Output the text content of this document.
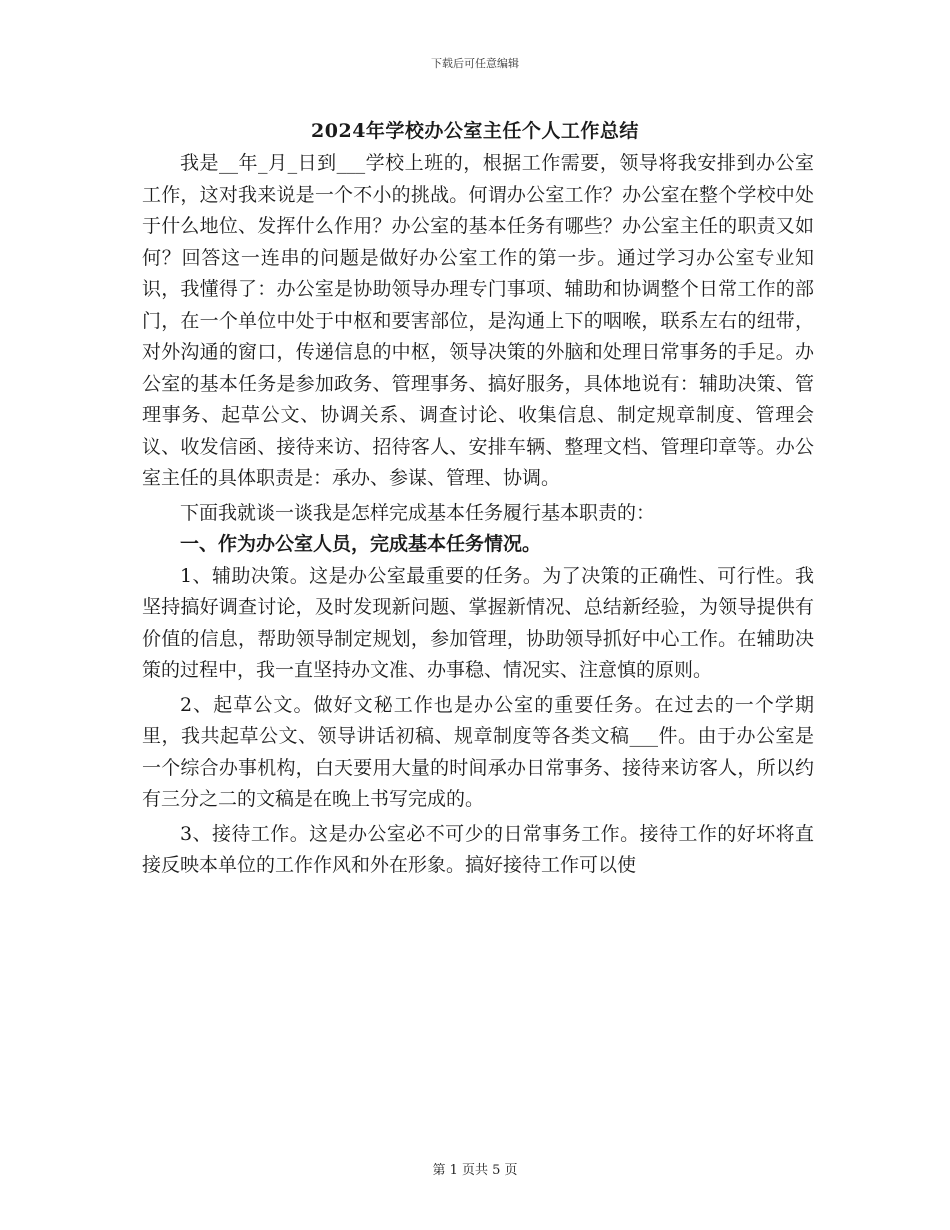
下载后可任意编辑
2024年学校办公室主任个人工作总结

我是__年_月_日到___学校上班的，根据工作需要，领导将我安排到办公室工作，这对我来说是一个不小的挑战。何谓办公室工作？办公室在整个学校中处于什么地位、发挥什么作用？办公室的基本任务有哪些？办公室主任的职责又如何？回答这一连串的问题是做好办公室工作的第一步。通过学习办公室专业知识，我懂得了：办公室是协助领导办理专门事项、辅助和协调整个日常工作的部门，在一个单位中处于中枢和要害部位，是沟通上下的咽喉，联系左右的纽带，对外沟通的窗口，传递信息的中枢，领导决策的外脑和处理日常事务的手足。办公室的基本任务是参加政务、管理事务、搞好服务，具体地说有：辅助决策、管理事务、起草公文、协调关系、调查讨论、收集信息、制定规章制度、管理会议、收发信函、接待来访、招待客人、安排车辆、整理文档、管理印章等。办公室主任的具体职责是：承办、参谋、管理、协调。

下面我就谈一谈我是怎样完成基本任务履行基本职责的：

一、作为办公室人员，完成基本任务情况。

1、辅助决策。这是办公室最重要的任务。为了决策的正确性、可行性。我坚持搞好调查讨论，及时发现新问题、掌握新情况、总结新经验，为领导提供有价值的信息，帮助领导制定规划，参加管理，协助领导抓好中心工作。在辅助决策的过程中，我一直坚持办文准、办事稳、情况实、注意慎的原则。

2、起草公文。做好文秘工作也是办公室的重要任务。在过去的一个学期里，我共起草公文、领导讲话初稿、规章制度等各类文稿___件。由于办公室是一个综合办事机构，白天要用大量的时间承办日常事务、接待来访客人，所以约有三分之二的文稿是在晚上书写完成的。

3、接待工作。这是办公室必不可少的日常事务工作。接待工作的好坏将直接反映本单位的工作作风和外在形象。搞好接待工作可以使

第 1 页共 5 页
